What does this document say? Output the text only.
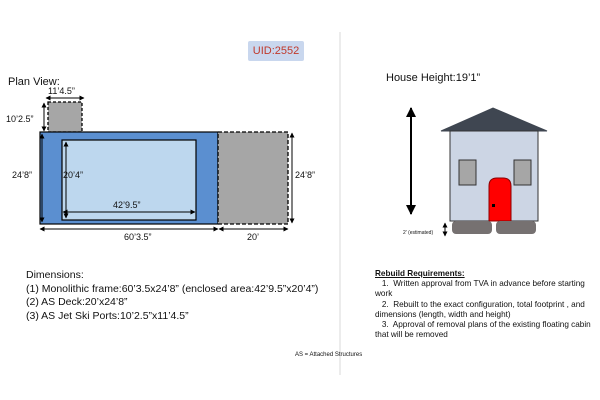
UID:2552
Plan View:
11’4.5”
10’2.5”
24’8”	20’4”
42’9.5”
60’3.5”	20’
24’8”
House Height:19’1”
2’ (estimated)
Dimensions:
(1) Monolithic frame:60’3.5x24’8” (enclosed area:42’9.5”x20’4”)
(2) AS Deck:20’x24’8”
(3) AS Jet Ski Ports:10’2.5”x11’4.5”
AS = Attached Structures
Rebuild Requirements:
1.  Written approval from TVA in advance before starting work
2.  Rebuilt to the exact configuration, total footprint , and dimensions (length, width and height)
3.  Approval of removal plans of the existing floating cabin that will be removed
